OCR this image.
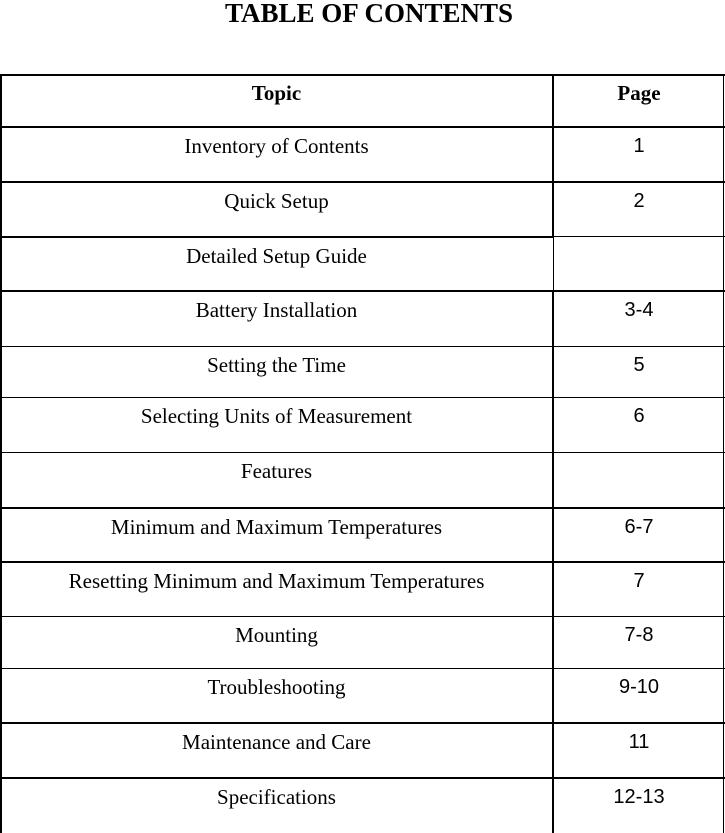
TABLE OF CONTENTS
Topic	Page
Inventory of Contents	1
Quick Setup	2
Detailed Setup Guide
Battery Installation	3-4
Setting the Time	5
Selecting Units of Measurement	6
Features
Minimum and Maximum Temperatures	6-7
Resetting Minimum and Maximum Temperatures	7
Mounting	7-8
Troubleshooting	9-10
Maintenance and Care	11
Specifications	12-13
